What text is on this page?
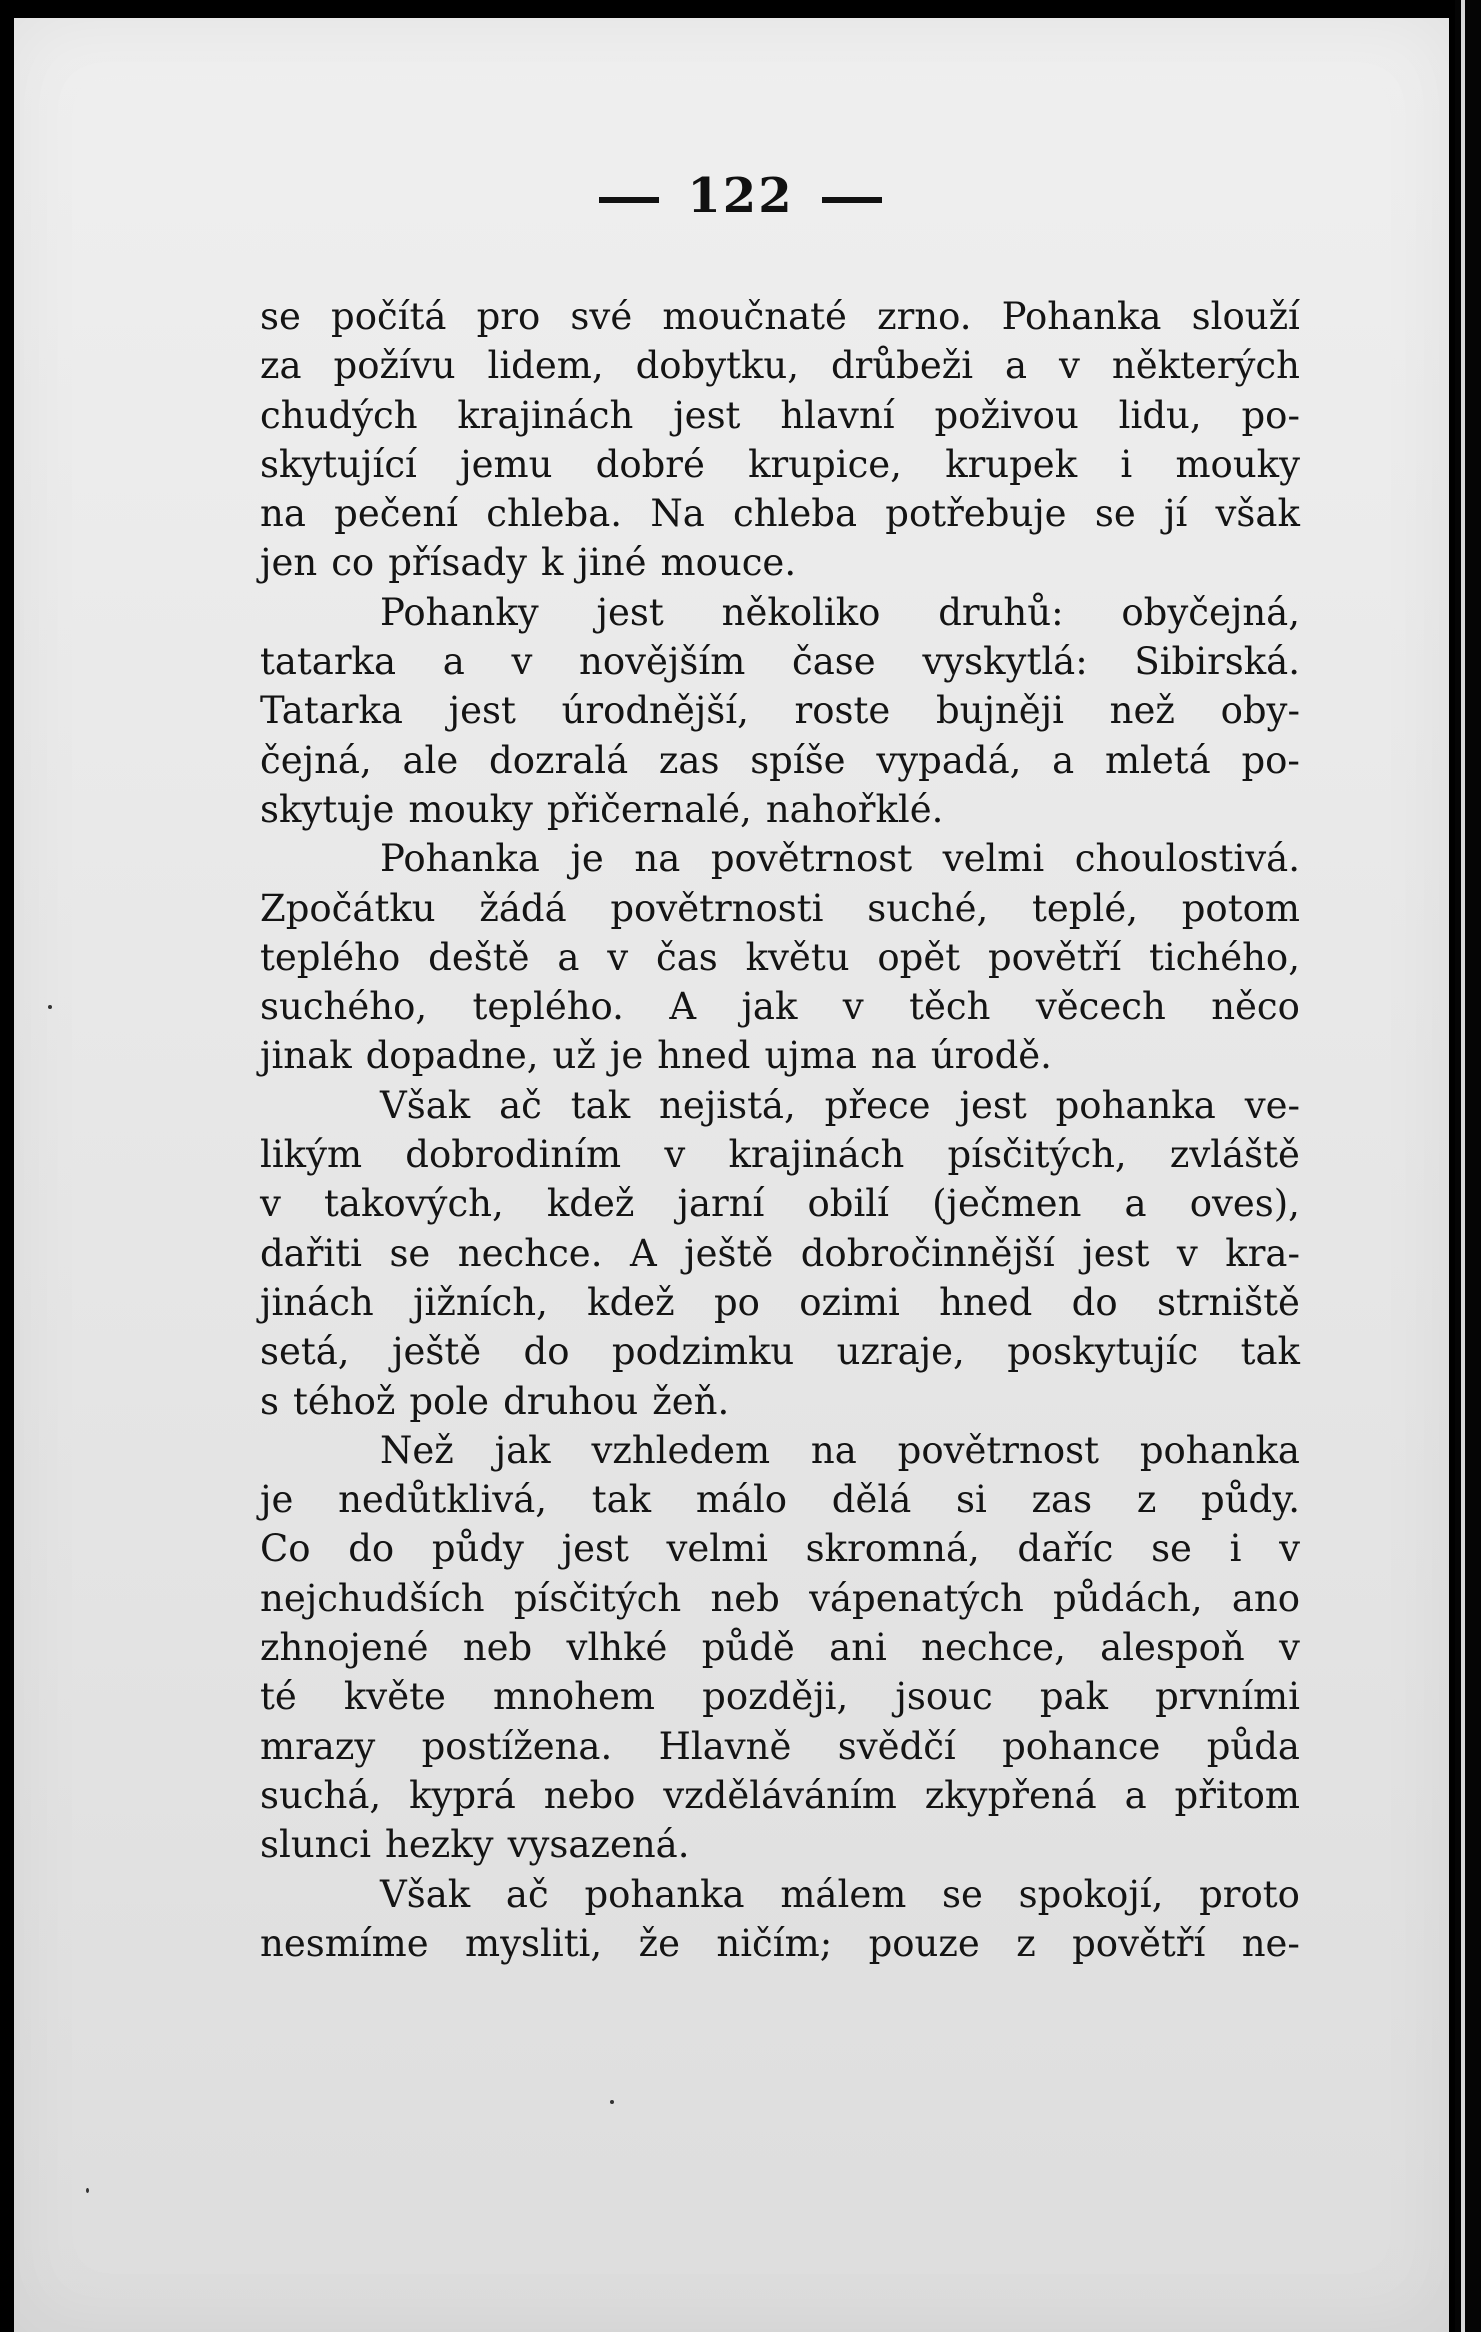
122
se počítá pro své moučnaté zrno. Pohanka slouží
za požívu lidem, dobytku, drůbeži a v některých
chudých krajinách jest hlavní poživou lidu, po-
skytující jemu dobré krupice, krupek i mouky
na pečení chleba. Na chleba potřebuje se jí však
jen co přísady k jiné mouce.
Pohanky jest několiko druhů: obyčejná,
tatarka a v novějším čase vyskytlá: Sibirská.
Tatarka jest úrodnější, roste bujněji než oby-
čejná, ale dozralá zas spíše vypadá, a mletá po-
skytuje mouky přičernalé, nahořklé.
Pohanka je na povětrnost velmi choulostivá.
Zpočátku žádá povětrnosti suché, teplé, potom
teplého deště a v čas květu opět povětří tichého,
suchého, teplého. A jak v těch věcech něco
jinak dopadne, už je hned ujma na úrodě.
Však ač tak nejistá, přece jest pohanka ve-
likým dobrodiním v krajinách písčitých, zvláště
v takových, kdež jarní obilí (ječmen a oves),
dařiti se nechce. A ještě dobročinnější jest v kra-
jinách jižních, kdež po ozimi hned do strniště
setá, ještě do podzimku uzraje, poskytujíc tak
s téhož pole druhou žeň.
Než jak vzhledem na povětrnost pohanka
je nedůtklivá, tak málo dělá si zas z půdy.
Co do půdy jest velmi skromná, daříc se i v
nejchudších písčitých neb vápenatých půdách, ano
zhnojené neb vlhké půdě ani nechce, alespoň v
té květe mnohem později, jsouc pak prvními
mrazy postížena. Hlavně svědčí pohance půda
suchá, kyprá nebo vzděláváním zkypřená a přitom
slunci hezky vysazená.
Však ač pohanka málem se spokojí, proto
nesmíme mysliti, že ničím; pouze z povětří ne-
